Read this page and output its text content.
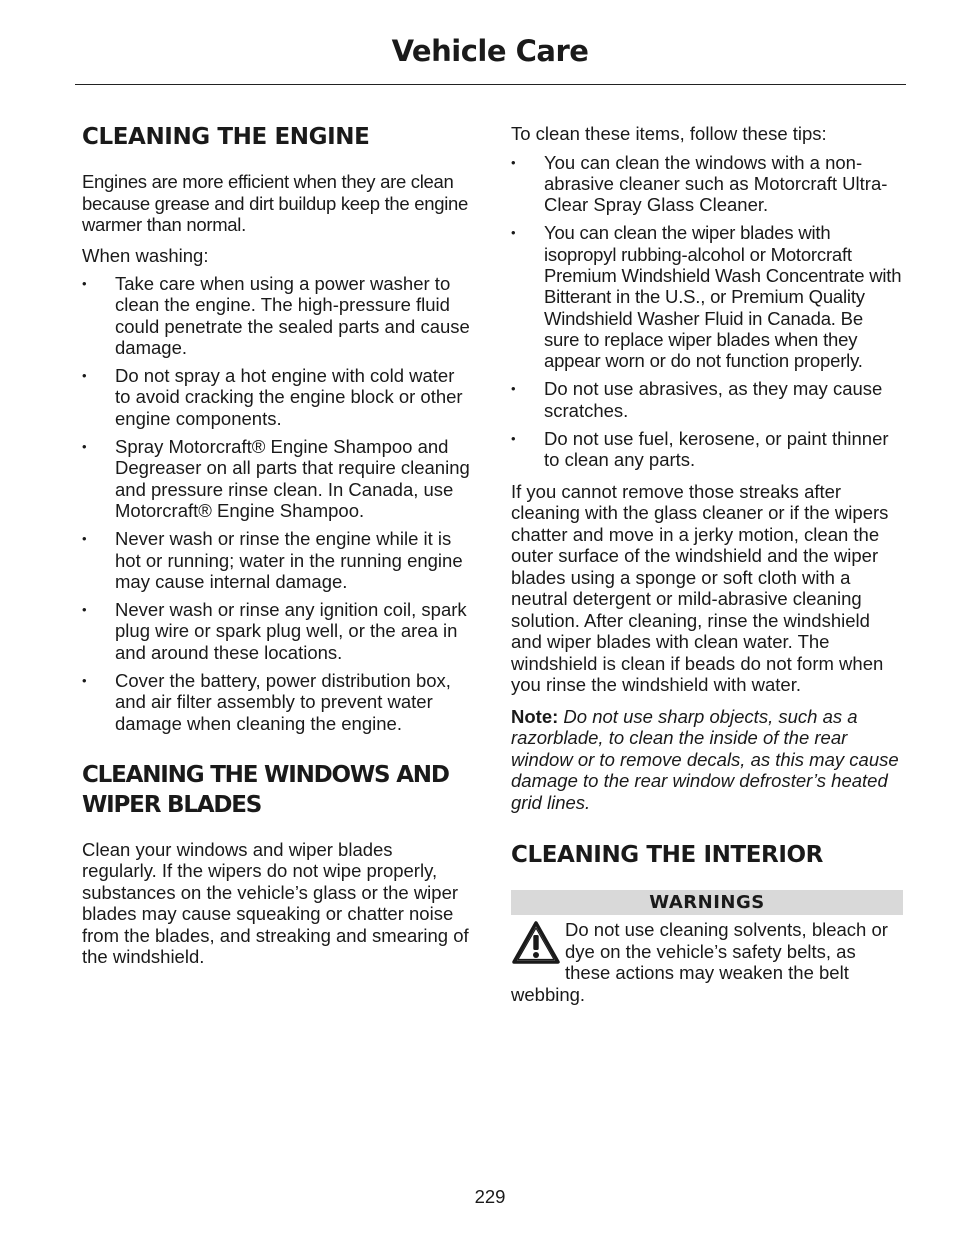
Vehicle Care
CLEANING THE ENGINE

Engines are more efficient when they are clean because grease and dirt buildup keep the engine warmer than normal.

When washing:

• Take care when using a power washer to clean the engine. The high-pressure fluid could penetrate the sealed parts and cause damage.
• Do not spray a hot engine with cold water to avoid cracking the engine block or other engine components.
• Spray Motorcraft® Engine Shampoo and Degreaser on all parts that require cleaning and pressure rinse clean. In Canada, use Motorcraft® Engine Shampoo.
• Never wash or rinse the engine while it is hot or running; water in the running engine may cause internal damage.
• Never wash or rinse any ignition coil, spark plug wire or spark plug well, or the area in and around these locations.
• Cover the battery, power distribution box, and air filter assembly to prevent water damage when cleaning the engine.
CLEANING THE WINDOWS AND WIPER BLADES

Clean your windows and wiper blades regularly. If the wipers do not wipe properly, substances on the vehicle’s glass or the wiper blades may cause squeaking or chatter noise from the blades, and streaking and smearing of the windshield.

To clean these items, follow these tips:

• You can clean the windows with a non-abrasive cleaner such as Motorcraft Ultra-Clear Spray Glass Cleaner.
• You can clean the wiper blades with isopropyl rubbing-alcohol or Motorcraft Premium Windshield Wash Concentrate with Bitterant in the U.S., or Premium Quality Windshield Washer Fluid in Canada. Be sure to replace wiper blades when they appear worn or do not function properly.
• Do not use abrasives, as they may cause scratches.
• Do not use fuel, kerosene, or paint thinner to clean any parts.

If you cannot remove those streaks after cleaning with the glass cleaner or if the wipers chatter and move in a jerky motion, clean the outer surface of the windshield and the wiper blades using a sponge or soft cloth with a neutral detergent or mild-abrasive cleaning solution. After cleaning, rinse the windshield and wiper blades with clean water. The windshield is clean if beads do not form when you rinse the windshield with water.

Note: Do not use sharp objects, such as a razorblade, to clean the inside of the rear window or to remove decals, as this may cause damage to the rear window defroster’s heated grid lines.

CLEANING THE INTERIOR
WARNINGS
Do not use cleaning solvents, bleach or dye on the vehicle’s safety belts, as these actions may weaken the belt webbing.
229
